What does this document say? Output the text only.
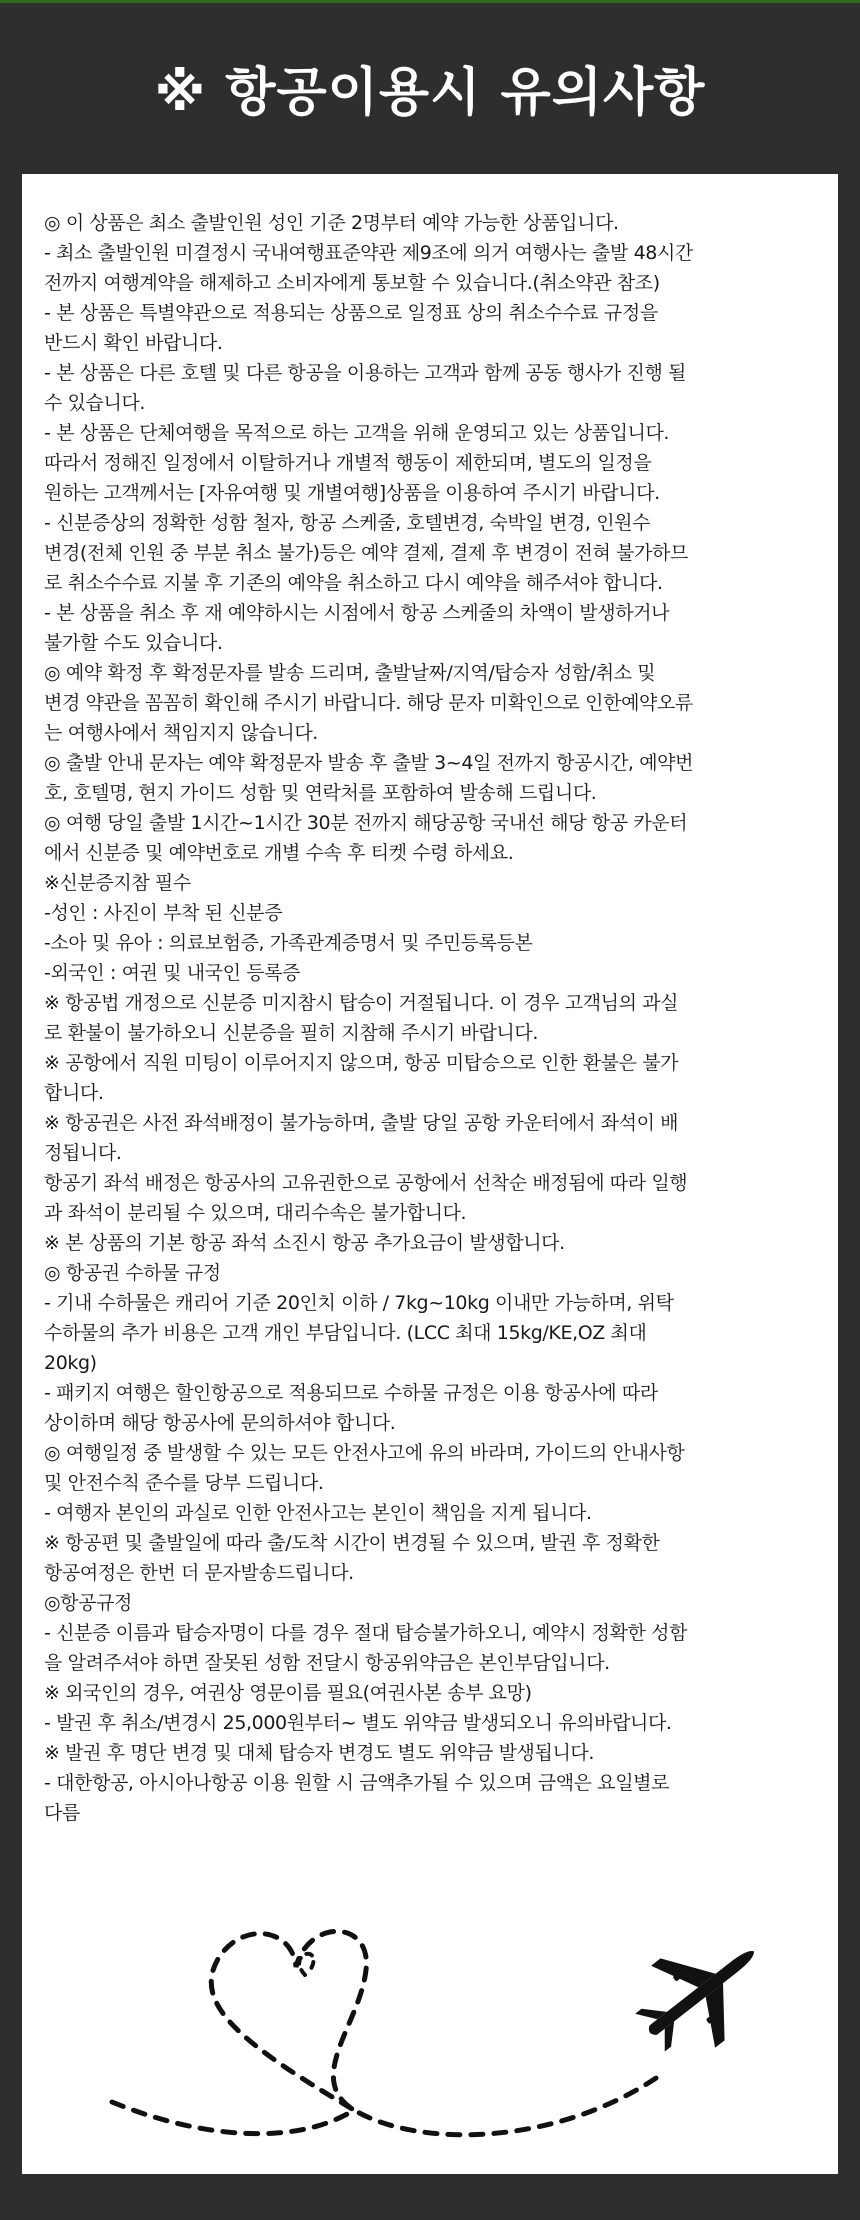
※ 항공이용시 유의사항
◎ 이 상품은 최소 출발인원 성인 기준 2명부터 예약 가능한 상품입니다.
- 최소 출발인원 미결정시 국내여행표준약관 제9조에 의거 여행사는 출발 48시간
전까지 여행계약을 해제하고 소비자에게 통보할 수 있습니다.(취소약관 참조)
- 본 상품은 특별약관으로 적용되는 상품으로 일정표 상의 취소수수료 규정을
반드시 확인 바랍니다.
- 본 상품은 다른 호텔 및 다른 항공을 이용하는 고객과 함께 공동 행사가 진행 될
수 있습니다.
- 본 상품은 단체여행을 목적으로 하는 고객을 위해 운영되고 있는 상품입니다.
따라서 정해진 일정에서 이탈하거나 개별적 행동이 제한되며, 별도의 일정을
원하는 고객께서는 [자유여행 및 개별여행]상품을 이용하여 주시기 바랍니다.
- 신분증상의 정확한 성함 철자, 항공 스케줄, 호텔변경, 숙박일 변경, 인원수
변경(전체 인원 중 부분 취소 불가)등은 예약 결제, 결제 후 변경이 전혀 불가하므
로 취소수수료 지불 후 기존의 예약을 취소하고 다시 예약을 해주셔야 합니다.
- 본 상품을 취소 후 재 예약하시는 시점에서 항공 스케줄의 차액이 발생하거나
불가할 수도 있습니다.
◎ 예약 확정 후 확정문자를 발송 드리며, 출발날짜/지역/탑승자 성함/취소 및
변경 약관을 꼼꼼히 확인해 주시기 바랍니다. 해당 문자 미확인으로 인한예약오류
는 여행사에서 책임지지 않습니다.
◎ 출발 안내 문자는 예약 확정문자 발송 후 출발 3~4일 전까지 항공시간, 예약번
호, 호텔명, 현지 가이드 성함 및 연락처를 포함하여 발송해 드립니다.
◎ 여행 당일 출발 1시간~1시간 30분 전까지 해당공항 국내선 해당 항공 카운터
에서 신분증 및 예약번호로 개별 수속 후 티켓 수령 하세요.
※신분증지참 필수
-성인 : 사진이 부착 된 신분증
-소아 및 유아 : 의료보험증, 가족관계증명서 및 주민등록등본
-외국인 : 여권 및 내국인 등록증
※ 항공법 개정으로 신분증 미지참시 탑승이 거절됩니다. 이 경우 고객님의 과실
로 환불이 불가하오니 신분증을 필히 지참해 주시기 바랍니다.
※ 공항에서 직원 미팅이 이루어지지 않으며, 항공 미탑승으로 인한 환불은 불가
합니다.
※ 항공권은 사전 좌석배정이 불가능하며, 출발 당일 공항 카운터에서 좌석이 배
정됩니다.
항공기 좌석 배정은 항공사의 고유권한으로 공항에서 선착순 배정됨에 따라 일행
과 좌석이 분리될 수 있으며, 대리수속은 불가합니다.
※ 본 상품의 기본 항공 좌석 소진시 항공 추가요금이 발생합니다.
◎ 항공권 수하물 규정
- 기내 수하물은 캐리어 기준 20인치 이하 / 7kg~10kg 이내만 가능하며, 위탁
수하물의 추가 비용은 고객 개인 부담입니다. (LCC 최대 15kg/KE,OZ 최대
20kg)
- 패키지 여행은 할인항공으로 적용되므로 수하물 규정은 이용 항공사에 따라
상이하며 해당 항공사에 문의하셔야 합니다.
◎ 여행일정 중 발생할 수 있는 모든 안전사고에 유의 바라며, 가이드의 안내사항
및 안전수칙 준수를 당부 드립니다.
- 여행자 본인의 과실로 인한 안전사고는 본인이 책임을 지게 됩니다.
※ 항공편 및 출발일에 따라 출/도착 시간이 변경될 수 있으며, 발권 후 정확한
항공여정은 한번 더 문자발송드립니다.
◎항공규정
- 신분증 이름과 탑승자명이 다를 경우 절대 탑승불가하오니, 예약시 정확한 성함
을 알려주셔야 하면 잘못된 성함 전달시 항공위약금은 본인부담입니다.
※ 외국인의 경우, 여권상 영문이름 필요(여권사본 송부 요망)
- 발권 후 취소/변경시 25,000원부터~ 별도 위약금 발생되오니 유의바랍니다.
※ 발권 후 명단 변경 및 대체 탑승자 변경도 별도 위약금 발생됩니다.
- 대한항공, 아시아나항공 이용 원할 시 금액추가될 수 있으며 금액은 요일별로
다름
